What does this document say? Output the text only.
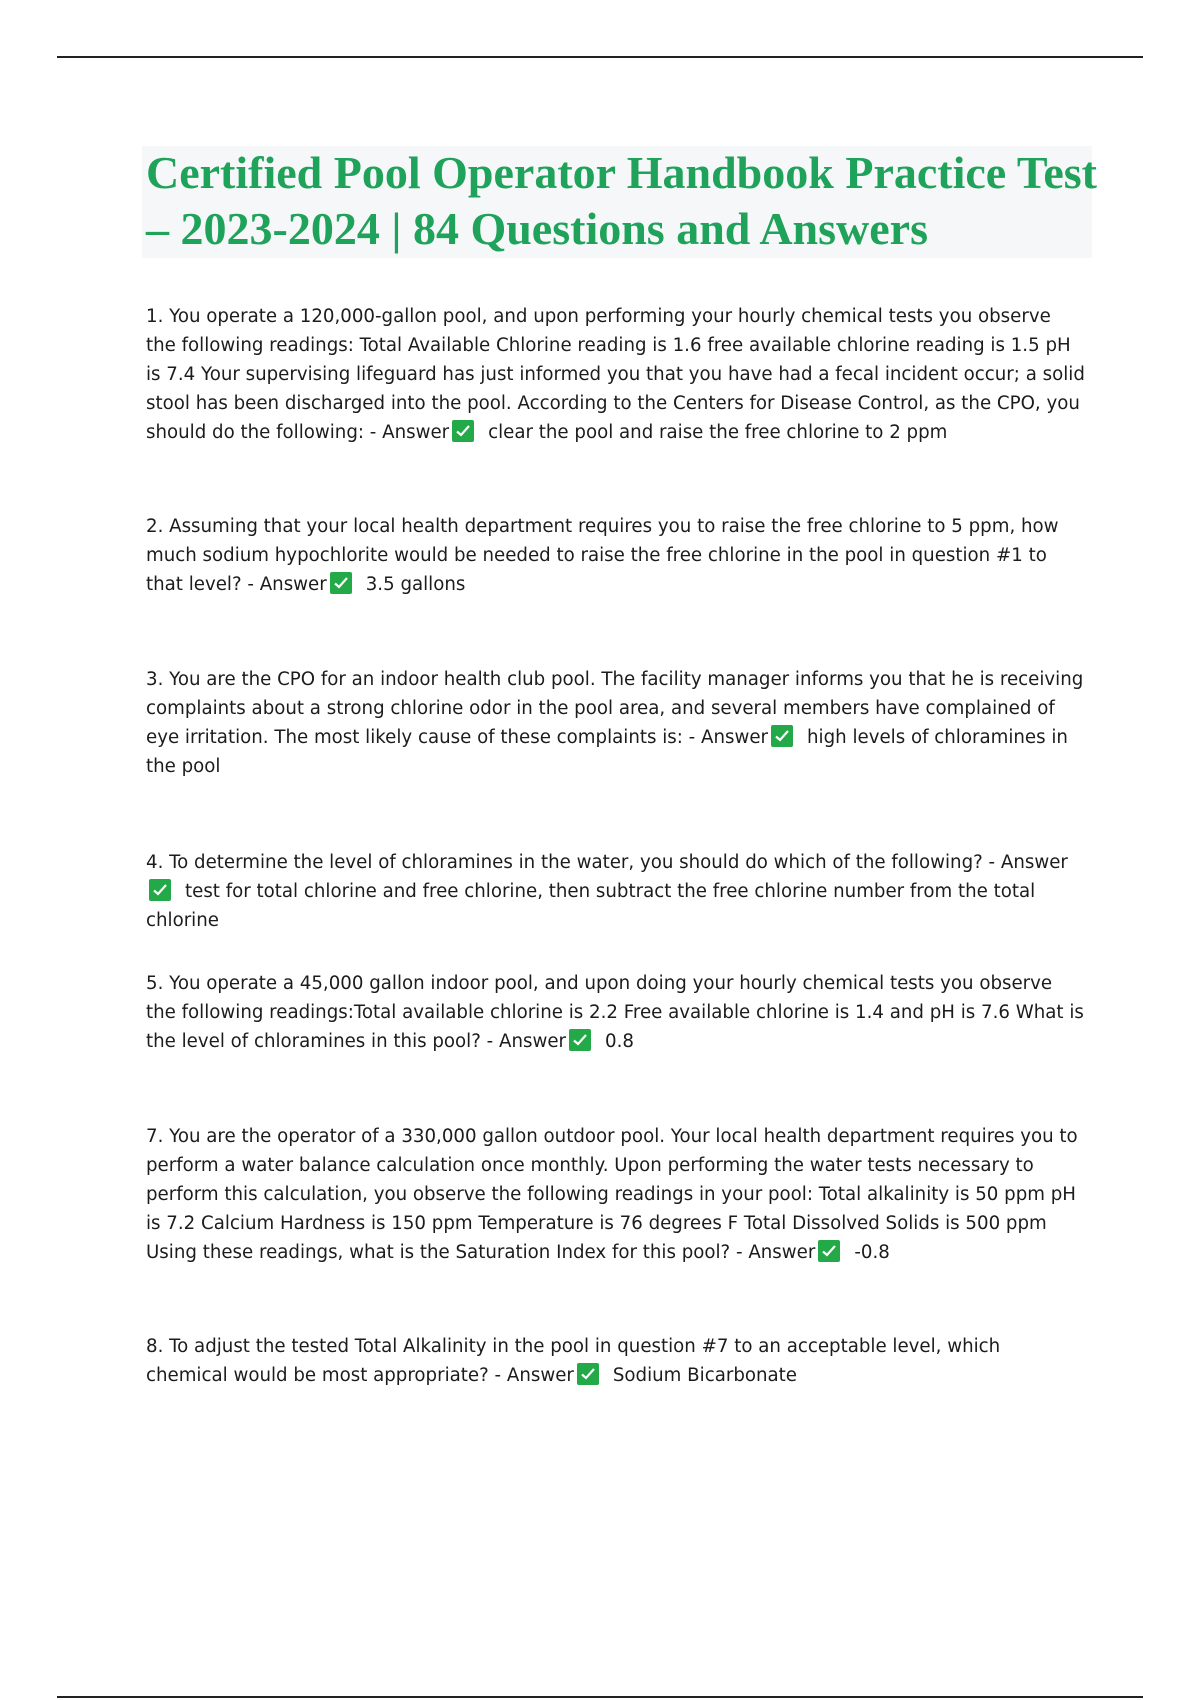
Certified Pool Operator Handbook Practice Test – 2023-2024 | 84 Questions and Answers

1. You operate a 120,000-gallon pool, and upon performing your hourly chemical tests you observe the following readings: Total Available Chlorine reading is 1.6 free available chlorine reading is 1.5 pH is 7.4 Your supervising lifeguard has just informed you that you have had a fecal incident occur; a solid stool has been discharged into the pool. According to the Centers for Disease Control, as the CPO, you should do the following: - Answer clear the pool and raise the free chlorine to 2 ppm

2. Assuming that your local health department requires you to raise the free chlorine to 5 ppm, how much sodium hypochlorite would be needed to raise the free chlorine in the pool in question #1 to that level? - Answer 3.5 gallons

3. You are the CPO for an indoor health club pool. The facility manager informs you that he is receiving complaints about a strong chlorine odor in the pool area, and several members have complained of eye irritation. The most likely cause of these complaints is: - Answer high levels of chloramines in the pool

4. To determine the level of chloramines in the water, you should do which of the following? - Answer
test for total chlorine and free chlorine, then subtract the free chlorine number from the total chlorine

5. You operate a 45,000 gallon indoor pool, and upon doing your hourly chemical tests you observe the following readings:Total available chlorine is 2.2 Free available chlorine is 1.4 and pH is 7.6 What is the level of chloramines in this pool? - Answer 0.8

7. You are the operator of a 330,000 gallon outdoor pool. Your local health department requires you to perform a water balance calculation once monthly. Upon performing the water tests necessary to perform this calculation, you observe the following readings in your pool: Total alkalinity is 50 ppm pH is 7.2 Calcium Hardness is 150 ppm Temperature is 76 degrees F Total Dissolved Solids is 500 ppm Using these readings, what is the Saturation Index for this pool? - Answer -0.8

8. To adjust the tested Total Alkalinity in the pool in question #7 to an acceptable level, which chemical would be most appropriate? - Answer Sodium Bicarbonate
